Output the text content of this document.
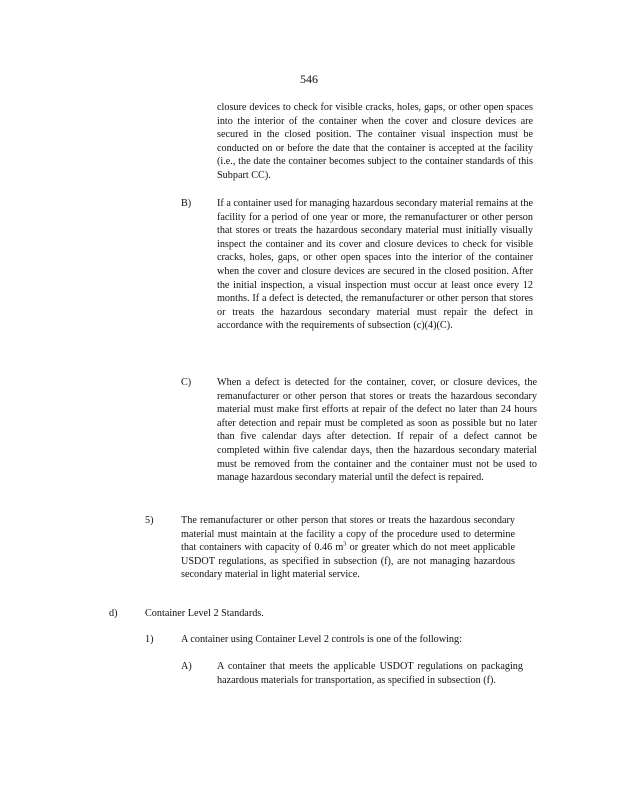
546
closure devices to check for visible cracks, holes, gaps, or other open spaces into the interior of the container when the cover and closure devices are secured in the closed position. The container visual inspection must be conducted on or before the date that the container is accepted at the facility (i.e., the date the container becomes subject to the container standards of this Subpart CC).
B)	If a container used for managing hazardous secondary material remains at the facility for a period of one year or more, the remanufacturer or other person that stores or treats the hazardous secondary material must initially visually inspect the container and its cover and closure devices to check for visible cracks, holes, gaps, or other open spaces into the interior of the container when the cover and closure devices are secured in the closed position. After the initial inspection, a visual inspection must occur at least once every 12 months. If a defect is detected, the remanufacturer or other person that stores or treats the hazardous secondary material must repair the defect in accordance with the requirements of subsection (c)(4)(C).
C)	When a defect is detected for the container, cover, or closure devices, the remanufacturer or other person that stores or treats the hazardous secondary material must make first efforts at repair of the defect no later than 24 hours after detection and repair must be completed as soon as possible but no later than five calendar days after detection. If repair of a defect cannot be completed within five calendar days, then the hazardous secondary material must be removed from the container and the container must not be used to manage hazardous secondary material until the defect is repaired.
5)	The remanufacturer or other person that stores or treats the hazardous secondary material must maintain at the facility a copy of the procedure used to determine that containers with capacity of 0.46 $m^3$ or greater which do not meet applicable USDOT regulations, as specified in subsection (f), are not managing hazardous secondary material in light material service.
d)	Container Level 2 Standards.
1)	A container using Container Level 2 controls is one of the following:
A) A container that meets the applicable USDOT regulations on packaging hazardous materials for transportation, as specified in subsection (f).
